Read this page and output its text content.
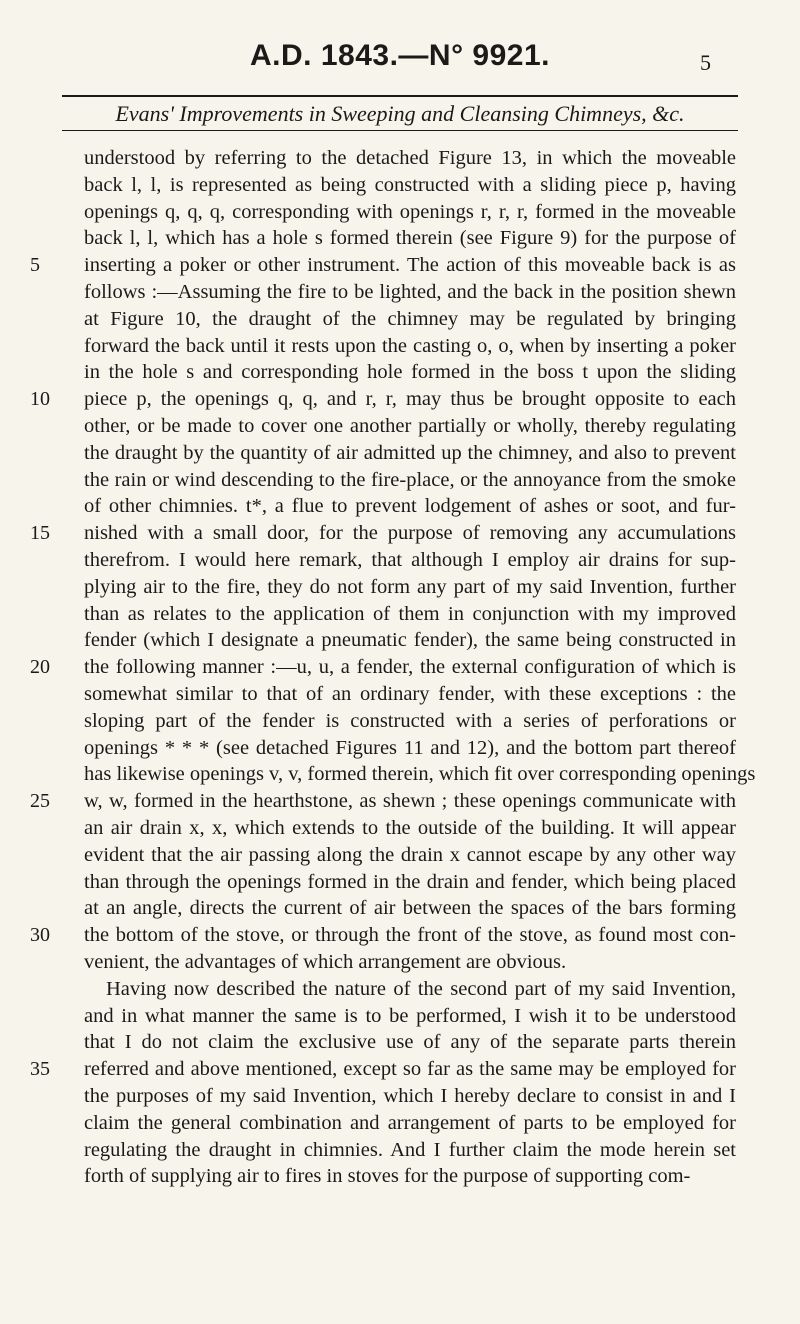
A.D. 1843.—N° 9921.	5
Evans' Improvements in Sweeping and Cleansing Chimneys, &c.
understood by referring to the detached Figure 13, in which the moveable
back l, l, is represented as being constructed with a sliding piece p, having
openings q, q, q, corresponding with openings r, r, r, formed in the moveable
back l, l, which has a hole s formed therein (see Figure 9) for the purpose of
inserting a poker or other instrument. The action of this moveable back is as
5
follows :—Assuming the fire to be lighted, and the back in the position shewn
at Figure 10, the draught of the chimney may be regulated by bringing
forward the back until it rests upon the casting o, o, when by inserting a poker
in the hole s and corresponding hole formed in the boss t upon the sliding
piece p, the openings q, q, and r, r, may thus be brought opposite to each
10
other, or be made to cover one another partially or wholly, thereby regulating
the draught by the quantity of air admitted up the chimney, and also to prevent
the rain or wind descending to the fire-place, or the annoyance from the smoke
of other chimnies. t*, a flue to prevent lodgement of ashes or soot, and fur-
nished with a small door, for the purpose of removing any accumulations
15
therefrom. I would here remark, that although I employ air drains for sup-
plying air to the fire, they do not form any part of my said Invention, further
than as relates to the application of them in conjunction with my improved
fender (which I designate a pneumatic fender), the same being constructed in
the following manner :—u, u, a fender, the external configuration of which is
20
somewhat similar to that of an ordinary fender, with these exceptions : the
sloping part of the fender is constructed with a series of perforations or
openings * * * (see detached Figures 11 and 12), and the bottom part thereof
has likewise openings v, v, formed therein, which fit over corresponding openings
w, w, formed in the hearthstone, as shewn ; these openings communicate with
25
an air drain x, x, which extends to the outside of the building. It will appear
evident that the air passing along the drain x cannot escape by any other way
than through the openings formed in the drain and fender, which being placed
at an angle, directs the current of air between the spaces of the bars forming
the bottom of the stove, or through the front of the stove, as found most con-
30
venient, the advantages of which arrangement are obvious.
Having now described the nature of the second part of my said Invention,
and in what manner the same is to be performed, I wish it to be understood
that I do not claim the exclusive use of any of the separate parts therein
referred and above mentioned, except so far as the same may be employed for
35
the purposes of my said Invention, which I hereby declare to consist in and I
claim the general combination and arrangement of parts to be employed for
regulating the draught in chimnies. And I further claim the mode herein set
forth of supplying air to fires in stoves for the purpose of supporting com-
